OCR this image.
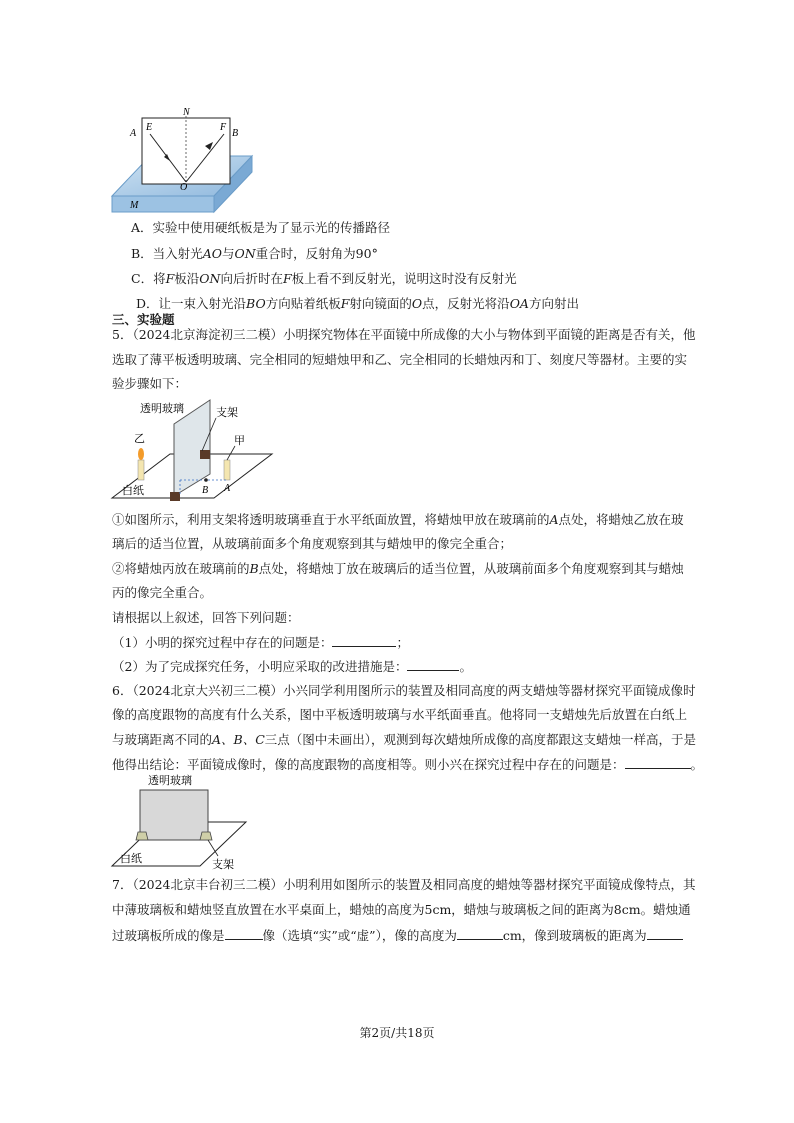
N
A
E	F
B
O
M
A．实验中使用硬纸板是为了显示光的传播路径
B．当入射光AO与ON重合时，反射角为90°
C．将F板沿ON向后折时在F板上看不到反射光，说明这时没有反射光
D．让一束入射光沿BO方向贴着纸板F射向镜面的O点，反射光将沿OA方向射出
三、实验题
5．（2024北京海淀初三二模）小明探究物体在平面镜中所成像的大小与物体到平面镜的距离是否有关，他
选取了薄平板透明玻璃、完全相同的短蜡烛甲和乙、完全相同的长蜡烛丙和丁、刻度尺等器材。主要的实
验步骤如下：
透明玻璃	支架
乙	甲
白纸	B A
①如图所示，利用支架将透明玻璃垂直于水平纸面放置，将蜡烛甲放在玻璃前的A点处，将蜡烛乙放在玻
璃后的适当位置，从玻璃前面多个角度观察到其与蜡烛甲的像完全重合；
②将蜡烛丙放在玻璃前的B点处，将蜡烛丁放在玻璃后的适当位置，从玻璃前面多个角度观察到其与蜡烛
丙的像完全重合。
请根据以上叙述，回答下列问题：
（1）小明的探究过程中存在的问题是：	；
（2）为了完成探究任务，小明应采取的改进措施是：	。
6．（2024北京大兴初三二模）小兴同学利用图所示的装置及相同高度的两支蜡烛等器材探究平面镜成像时
像的高度跟物的高度有什么关系，图中平板透明玻璃与水平纸面垂直。他将同一支蜡烛先后放置在白纸上
与玻璃距离不同的A、B、C三点（图中未画出），观测到每次蜡烛所成像的高度都跟这支蜡烛一样高，于是
他得出结论：平面镜成像时，像的高度跟物的高度相等。则小兴在探究过程中存在的问题是：	。
透明玻璃
白纸	支架
7．（2024北京丰台初三二模）小明利用如图所示的装置及相同高度的蜡烛等器材探究平面镜成像特点，其
中薄玻璃板和蜡烛竖直放置在水平桌面上，蜡烛的高度为5cm，蜡烛与玻璃板之间的距离为8cm。蜡烛通
过玻璃板所成的像是	像（选填“实”或“虚”），像的高度为	cm，像到玻璃板的距离为
第2页/共18页
